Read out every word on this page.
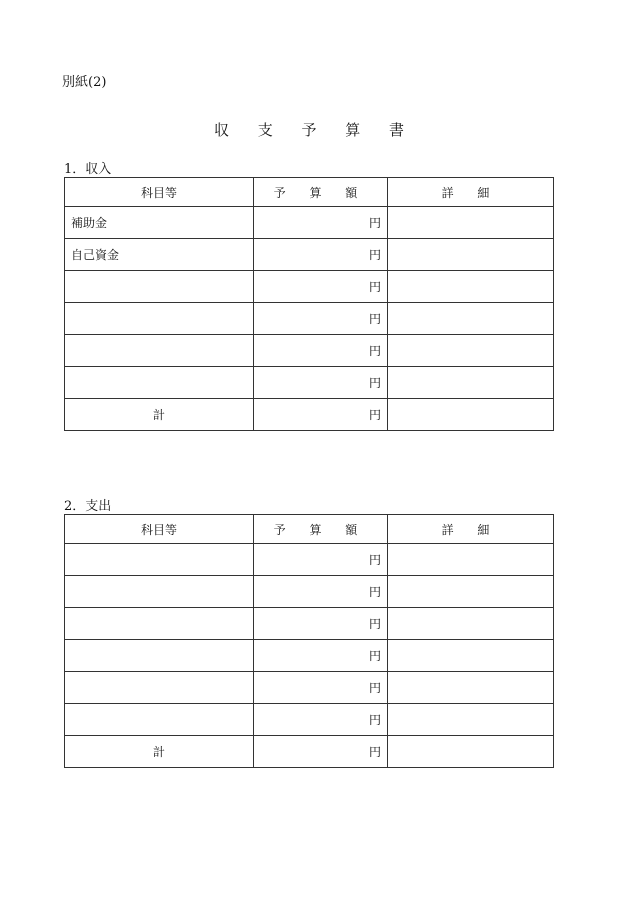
別紙(2)
収 支 予 算 書
1．収入
科目等	予 算 額	詳 細
補助金	円	
自己資金	円	
	円	
	円	
	円	
	円	
計	円	
2．支出
科目等	予 算 額	詳 細
	円	
	円	
	円	
	円	
	円	
	円	
計	円	
